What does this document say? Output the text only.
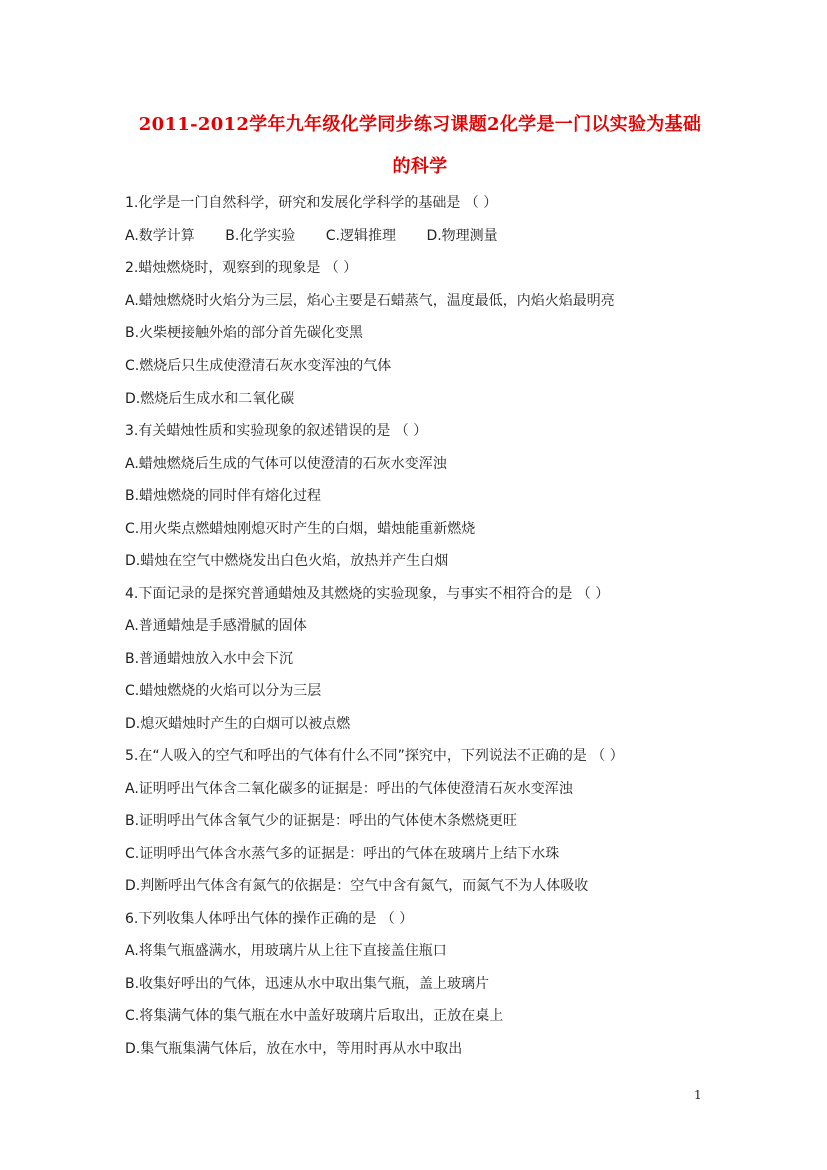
2011-2012学年九年级化学同步练习课题2化学是一门以实验为基础
的科学
1.化学是一门自然科学，研究和发展化学科学的基础是 （ ）
A.数学计算 B.化学实验 C.逻辑推理 D.物理测量
2.蜡烛燃烧时，观察到的现象是 （ ）
A.蜡烛燃烧时火焰分为三层，焰心主要是石蜡蒸气，温度最低，内焰火焰最明亮
B.火柴梗接触外焰的部分首先碳化变黑
C.燃烧后只生成使澄清石灰水变浑浊的气体
D.燃烧后生成水和二氧化碳
3.有关蜡烛性质和实验现象的叙述错误的是 （ ）
A.蜡烛燃烧后生成的气体可以使澄清的石灰水变浑浊
B.蜡烛燃烧的同时伴有熔化过程
C.用火柴点燃蜡烛刚熄灭时产生的白烟，蜡烛能重新燃烧
D.蜡烛在空气中燃烧发出白色火焰，放热并产生白烟
4.下面记录的是探究普通蜡烛及其燃烧的实验现象，与事实不相符合的是 （ ）
A.普通蜡烛是手感滑腻的固体
B.普通蜡烛放入水中会下沉
C.蜡烛燃烧的火焰可以分为三层
D.熄灭蜡烛时产生的白烟可以被点燃
5.在“人吸入的空气和呼出的气体有什么不同”探究中，下列说法不正确的是 （ ）
A.证明呼出气体含二氧化碳多的证据是：呼出的气体使澄清石灰水变浑浊
B.证明呼出气体含氧气少的证据是：呼出的气体使木条燃烧更旺
C.证明呼出气体含水蒸气多的证据是：呼出的气体在玻璃片上结下水珠
D.判断呼出气体含有氮气的依据是：空气中含有氮气，而氮气不为人体吸收
6.下列收集人体呼出气体的操作正确的是 （ ）
A.将集气瓶盛满水，用玻璃片从上往下直接盖住瓶口
B.收集好呼出的气体，迅速从水中取出集气瓶，盖上玻璃片
C.将集满气体的集气瓶在水中盖好玻璃片后取出，正放在桌上
D.集气瓶集满气体后，放在水中，等用时再从水中取出
1
